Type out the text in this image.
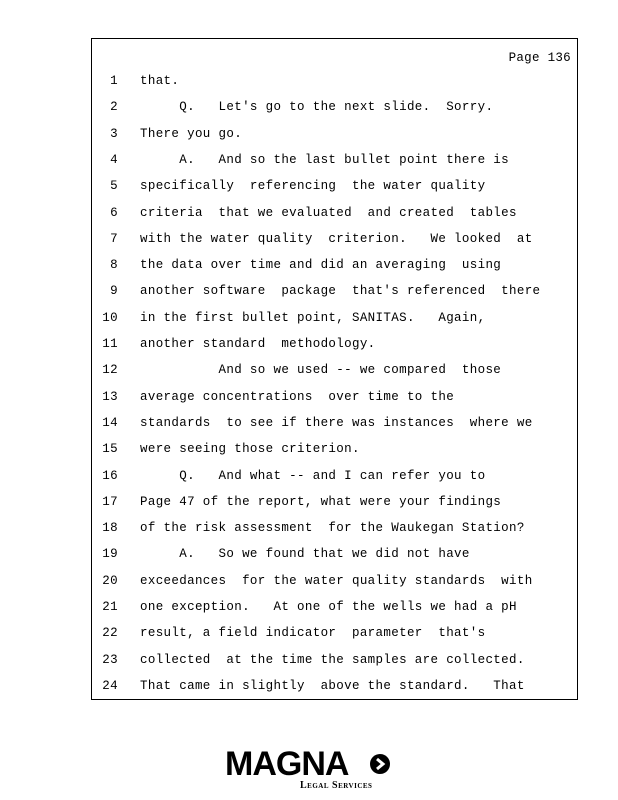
Page 136
1 that.
2 Q.   Let's go to the next slide.  Sorry.
3 There you go.
4 A.   And so the last bullet point there is
5 specifically  referencing  the water quality
6 criteria  that we evaluated  and created  tables
7 with the water quality  criterion.   We looked  at
8 the data over time and did an averaging  using
9 another software  package  that's referenced  there
10 in the first bullet point, SANITAS.   Again,
11 another standard  methodology.
12 And so we used -- we compared  those
13 average concentrations  over time to the
14 standards  to see if there was instances  where we
15 were seeing those criterion.
16 Q.   And what -- and I can refer you to
17 Page 47 of the report, what were your findings
18 of the risk assessment  for the Waukegan Station?
19 A.   So we found that we did not have
20 exceedances  for the water quality standards  with
21 one exception.   At one of the wells we had a pH
22 result, a field indicator  parameter  that's
23 collected  at the time the samples are collected.
24 That came in slightly  above the standard.   That
MAGNA
Legal Services
